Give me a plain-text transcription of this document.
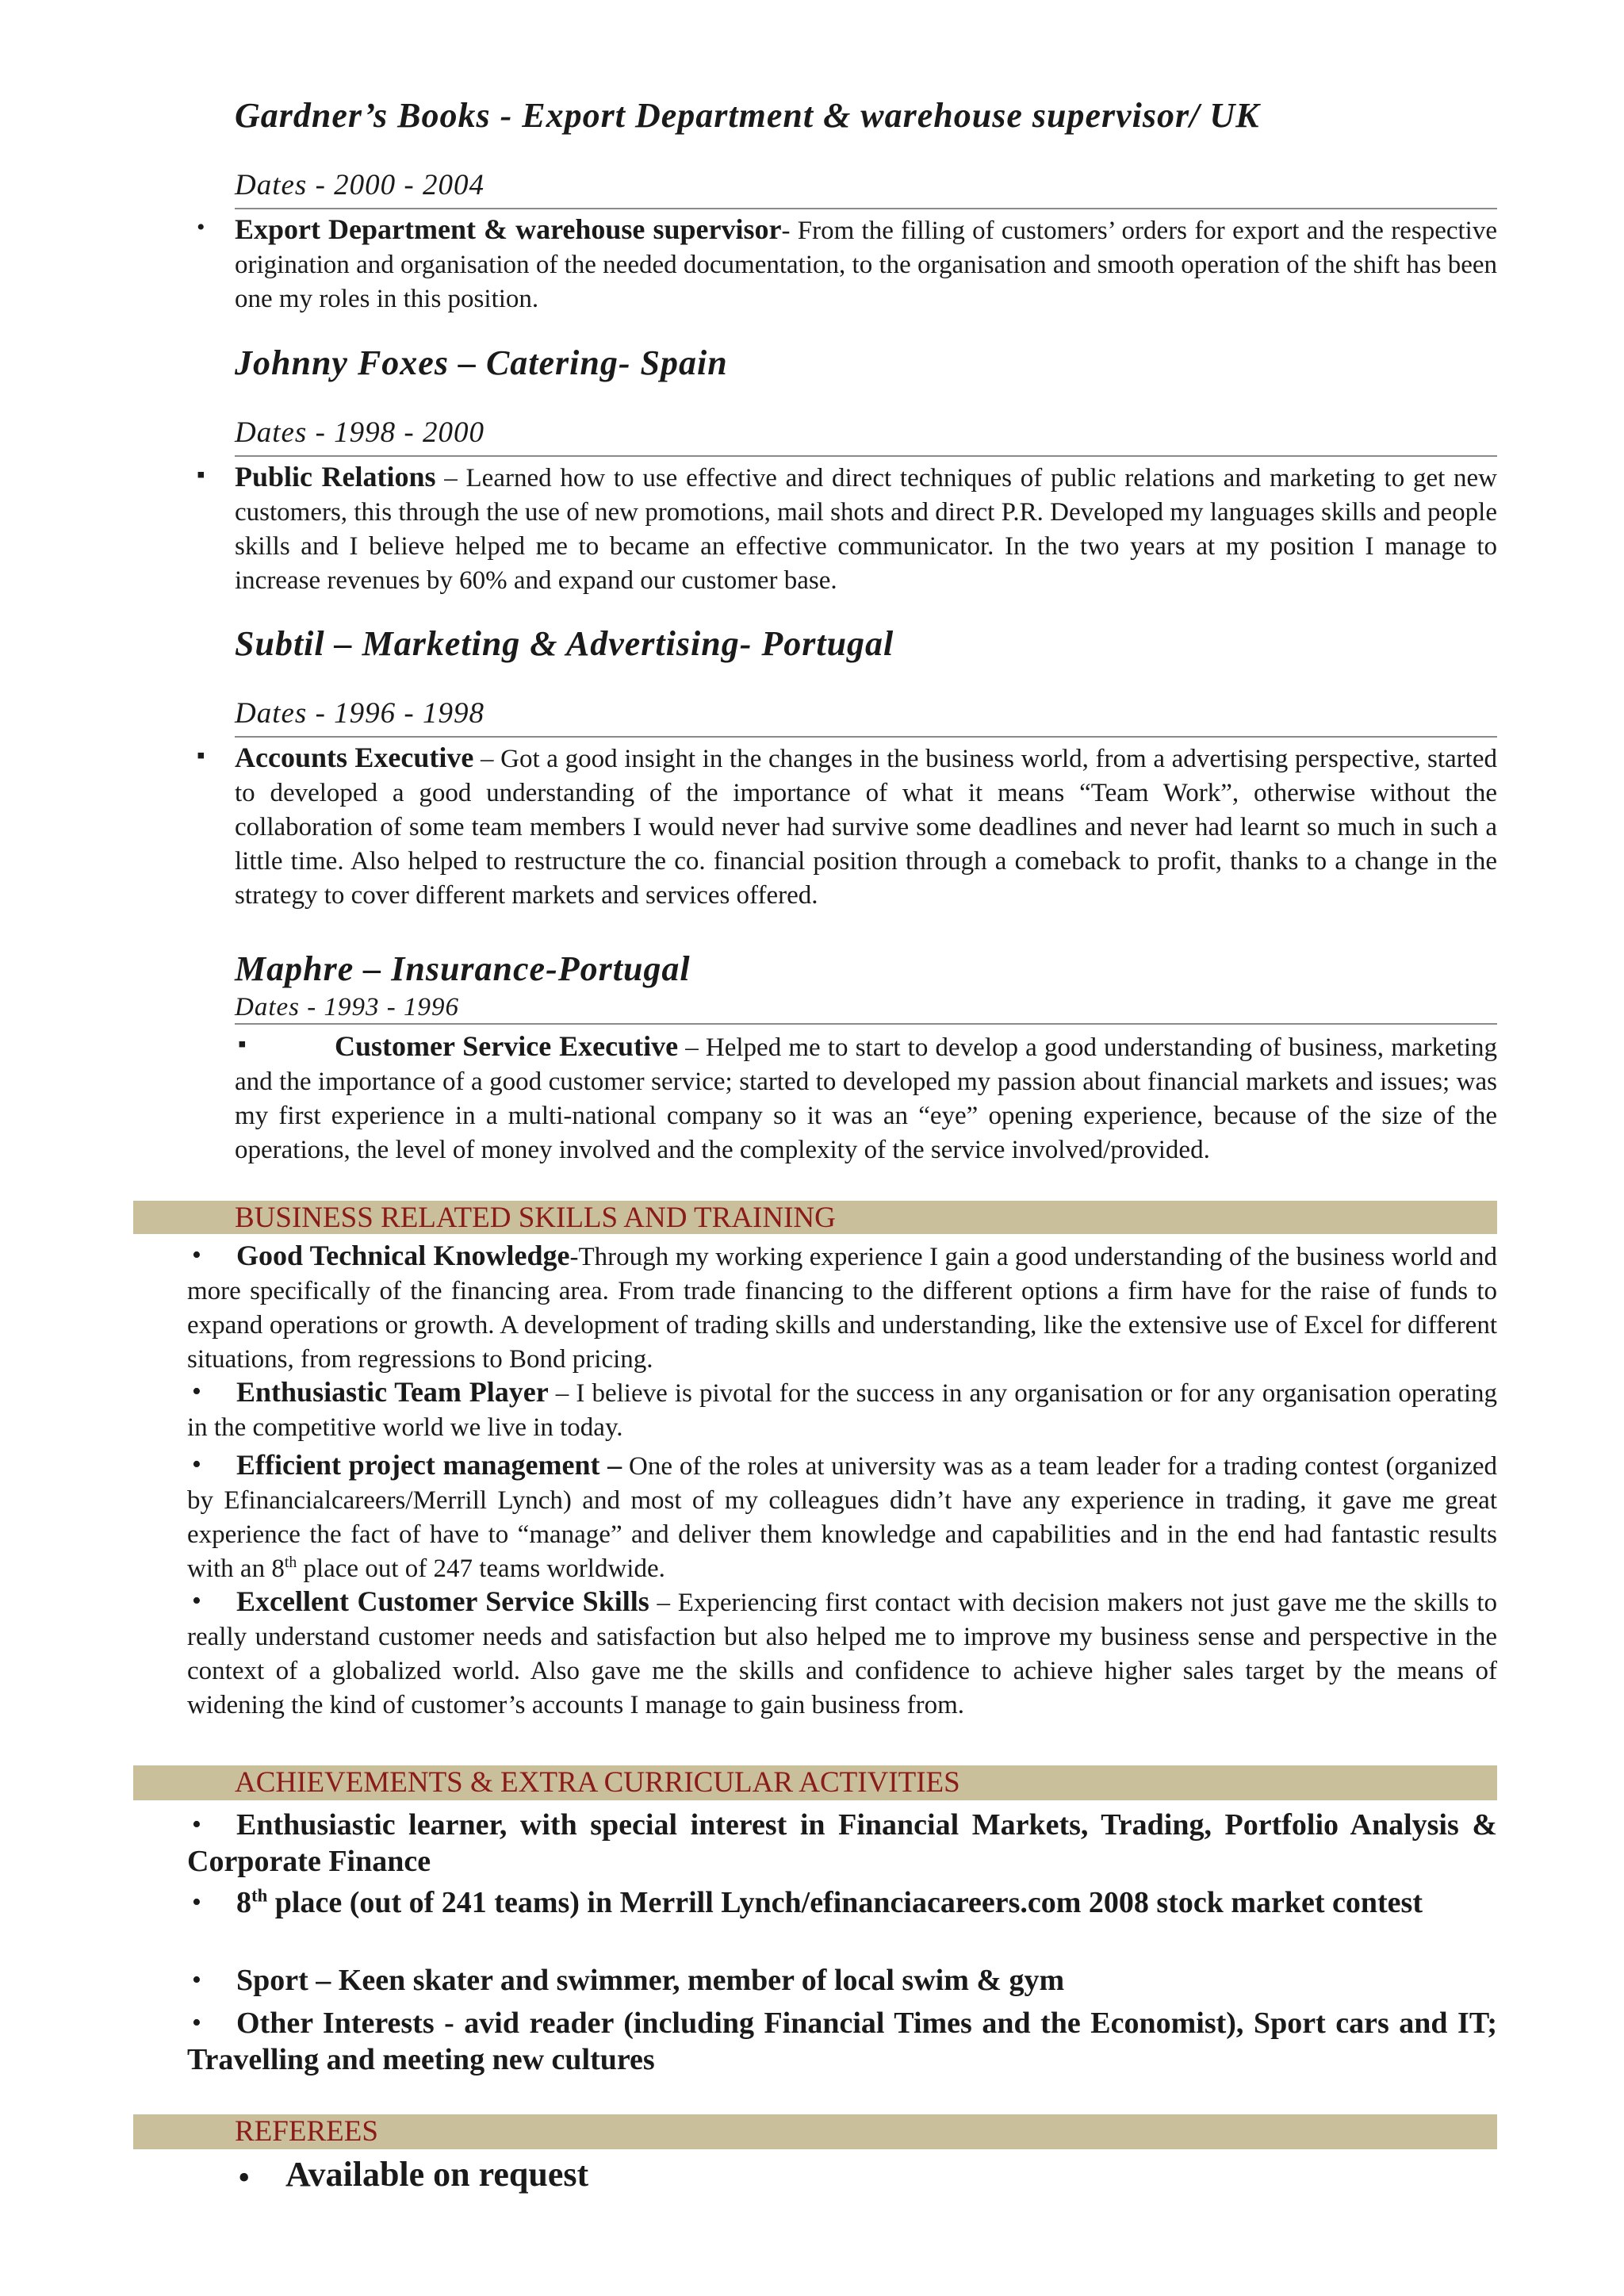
Gardner’s Books - Export Department & warehouse supervisor/ UK
Dates - 2000 - 2004
• Export Department & warehouse supervisor- From the filling of customers’ orders for export and the respective origination and organisation of the needed documentation, to the organisation and smooth operation of the shift has been one my roles in this position.

Johnny Foxes – Catering- Spain
Dates - 1998 - 2000
▪ Public Relations – Learned how to use effective and direct techniques of public relations and marketing to get new customers, this through the use of new promotions, mail shots and direct P.R. Developed my languages skills and people skills and I believe helped me to became an effective communicator. In the two years at my position I manage to increase revenues by 60% and expand our customer base.

Subtil – Marketing & Advertising- Portugal
Dates - 1996 - 1998
▪ Accounts Executive – Got a good insight in the changes in the business world, from a advertising perspective, started to developed a good understanding of the importance of what it means “Team Work”, otherwise without the collaboration of some team members I would never had survive some deadlines and never had learnt so much in such a little time. Also helped to restructure the co. financial position through a comeback to profit, thanks to a change in the strategy to cover different markets and services offered.

Maphre – Insurance-Portugal
Dates - 1993 - 1996
▪	Customer Service Executive – Helped me to start to develop a good understanding of business, marketing and the importance of a good customer service; started to developed my passion about financial markets and issues; was my first experience in a multi-national company so it was an “eye” opening experience, because of the size of the operations, the level of money involved and the complexity of the service involved/provided.

BUSINESS RELATED SKILLS AND TRAINING
•	Good Technical Knowledge-Through my working experience I gain a good understanding of the business world and more specifically of the financing area. From trade financing to the different options a firm have for the raise of funds to expand operations or growth. A development of trading skills and understanding, like the extensive use of Excel for different situations, from regressions to Bond pricing.

•	Enthusiastic Team Player – I believe is pivotal for the success in any organisation or for any organisation operating in the competitive world we live in today.

•	Efficient project management – One of the roles at university was as a team leader for a trading contest (organized by Efinancialcareers/Merrill Lynch) and most of my colleagues didn’t have any experience in trading, it gave me great experience the fact of have to “manage” and deliver them knowledge and capabilities and in the end had fantastic results with an 8th place out of 247 teams worldwide.

•	Excellent Customer Service Skills – Experiencing first contact with decision makers not just gave me the skills to really understand customer needs and satisfaction but also helped me to improve my business sense and perspective in the context of a globalized world. Also gave me the skills and confidence to achieve higher sales target by the means of widening the kind of customer’s accounts I manage to gain business from.

ACHIEVEMENTS & EXTRA CURRICULAR ACTIVITIES
•	Enthusiastic learner, with special interest in Financial Markets, Trading, Portfolio Analysis & Corporate Finance

•	8th place (out of 241 teams) in Merrill Lynch/efinanciacareers.com 2008 stock market contest

•	Sport – Keen skater and swimmer, member of local swim & gym

•	Other Interests - avid reader (including Financial Times and the Economist), Sport cars and IT; Travelling and meeting new cultures

REFEREES
• Available on request
